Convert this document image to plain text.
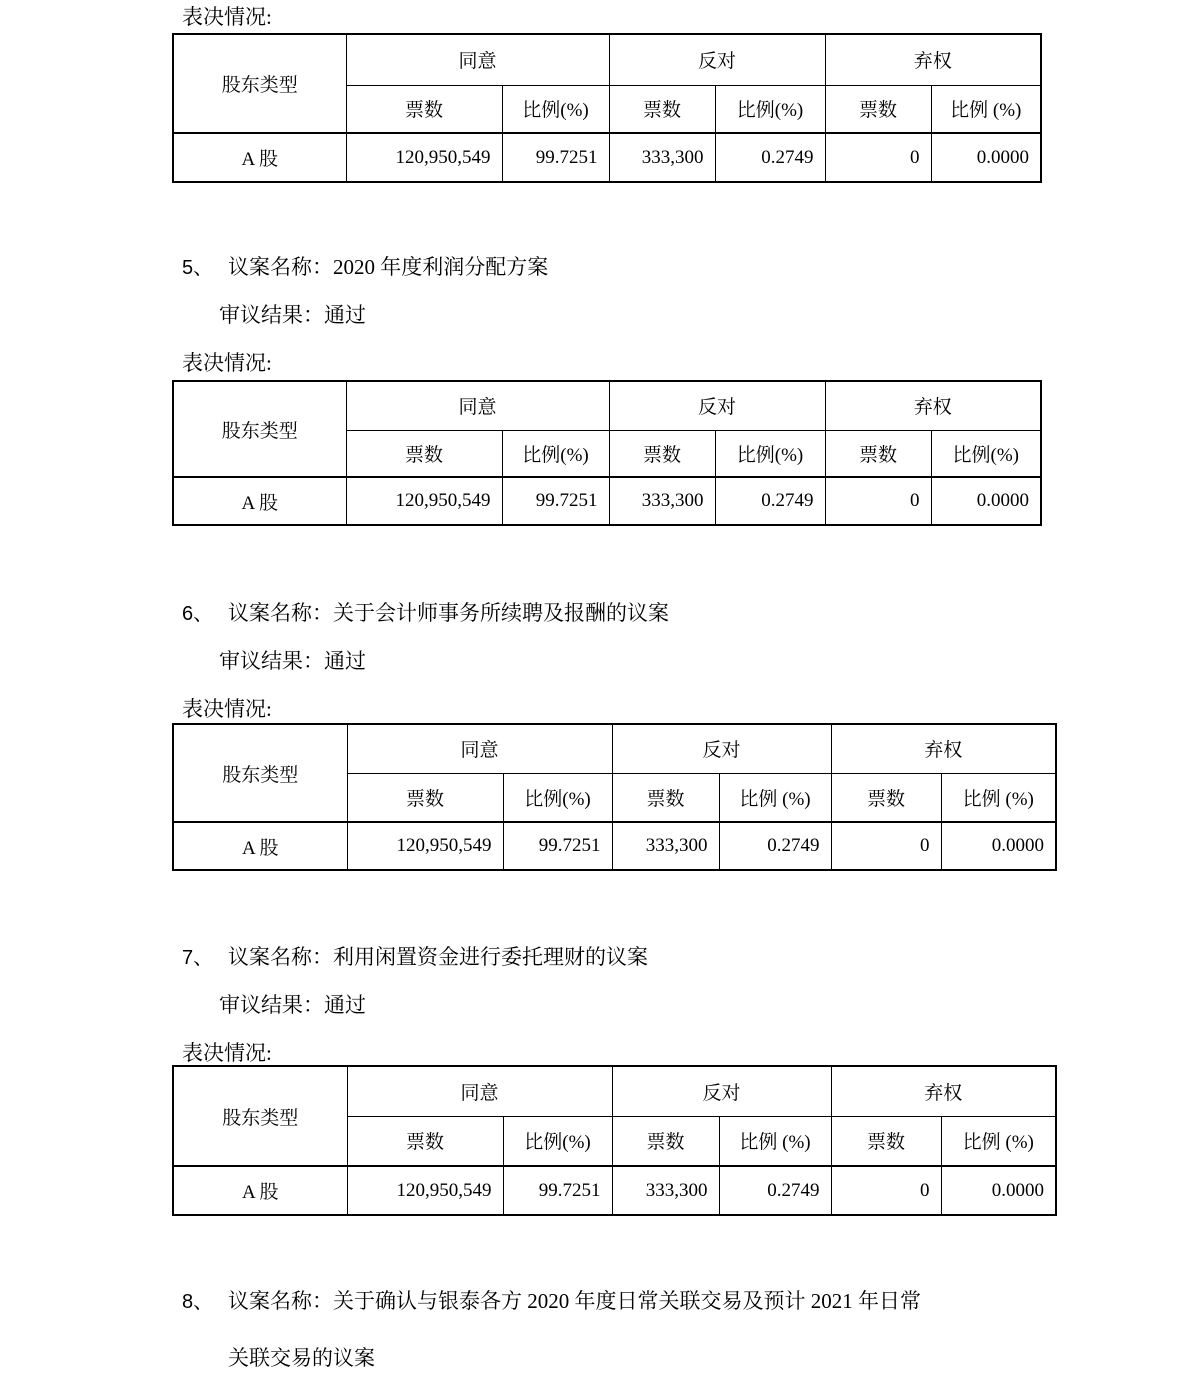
表决情况:
股东类型	同意		反对		弃权	
	票数	比例(%)	票数	比例(%)	票数	比例 (%)
A 股	120,950,549	99.7251	333,300	0.2749	0	0.0000
5、 议案名称：2020 年度利润分配方案
审议结果：通过
表决情况:
股东类型	同意		反对		弃权	
	票数	比例(%)	票数	比例(%)	票数	比例(%)
A 股	120,950,549	99.7251	333,300	0.2749	0	0.0000
6、 议案名称：关于会计师事务所续聘及报酬的议案
审议结果：通过
表决情况:
股东类型	同意		反对		弃权	
	票数	比例(%)	票数	比例 (%)	票数	比例 (%)
A 股	120,950,549	99.7251	333,300	0.2749	0	0.0000
7、 议案名称：利用闲置资金进行委托理财的议案
审议结果：通过
表决情况:
股东类型	同意		反对		弃权	
	票数	比例(%)	票数	比例 (%)	票数	比例 (%)
A 股	120,950,549	99.7251	333,300	0.2749	0	0.0000
8、 议案名称：关于确认与银泰各方 2020 年度日常关联交易及预计 2021 年日常
关联交易的议案
